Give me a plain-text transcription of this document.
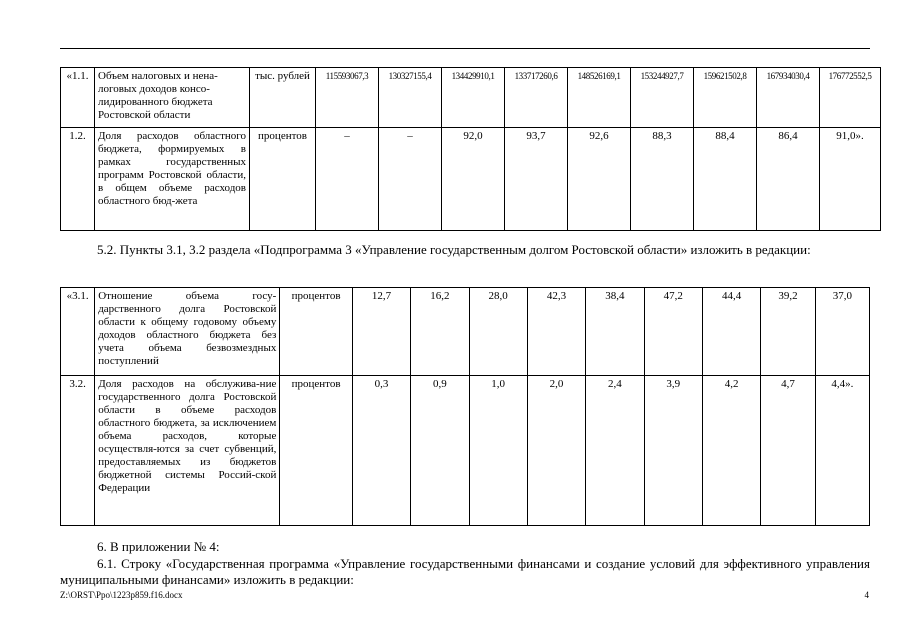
«1.1.	Объем налоговых и нена-логовых доходов консо-лидированного бюджета Ростовской области	тыс. рублей	115593067,3	130327155,4	134429910,1	133717260,6	148526169,1	153244927,7	159621502,8	167934030,4	176772552,5
1.2.	Доля расходов областного бюджета, формируемых в рамках государственных программ Ростовской области, в общем объеме расходов областного бюд-жета	процентов	–	–	92,0	93,7	92,6	88,3	88,4	86,4	91,0».
5.2. Пункты 3.1, 3.2 раздела «Подпрограмма 3 «Управление государственным долгом Ростовской области» изложить в редакции:
«3.1.	Отношение объема госу-дарственного долга Ростовской области к общему годовому объему доходов областного бюджета без учета объема безвозмездных поступлений	процентов	12,7	16,2	28,0	42,3	38,4	47,2	44,4	39,2	37,0
3.2.	Доля расходов на обслужива-ние государственного долга Ростовской области в объеме расходов областного бюджета, за исключением объема расходов, которые осуществля-ются за счет субвенций, предоставляемых из бюджетов бюджетной системы Россий-ской Федерации	процентов	0,3	0,9	1,0	2,0	2,4	3,9	4,2	4,7	4,4».
6. В приложении № 4:
6.1. Строку «Государственная программа «Управление государственными финансами и создание условий для эффективного управления муниципальными финансами» изложить в редакции:
Z:\ORST\Ppo\1223p859.f16.docx	4
